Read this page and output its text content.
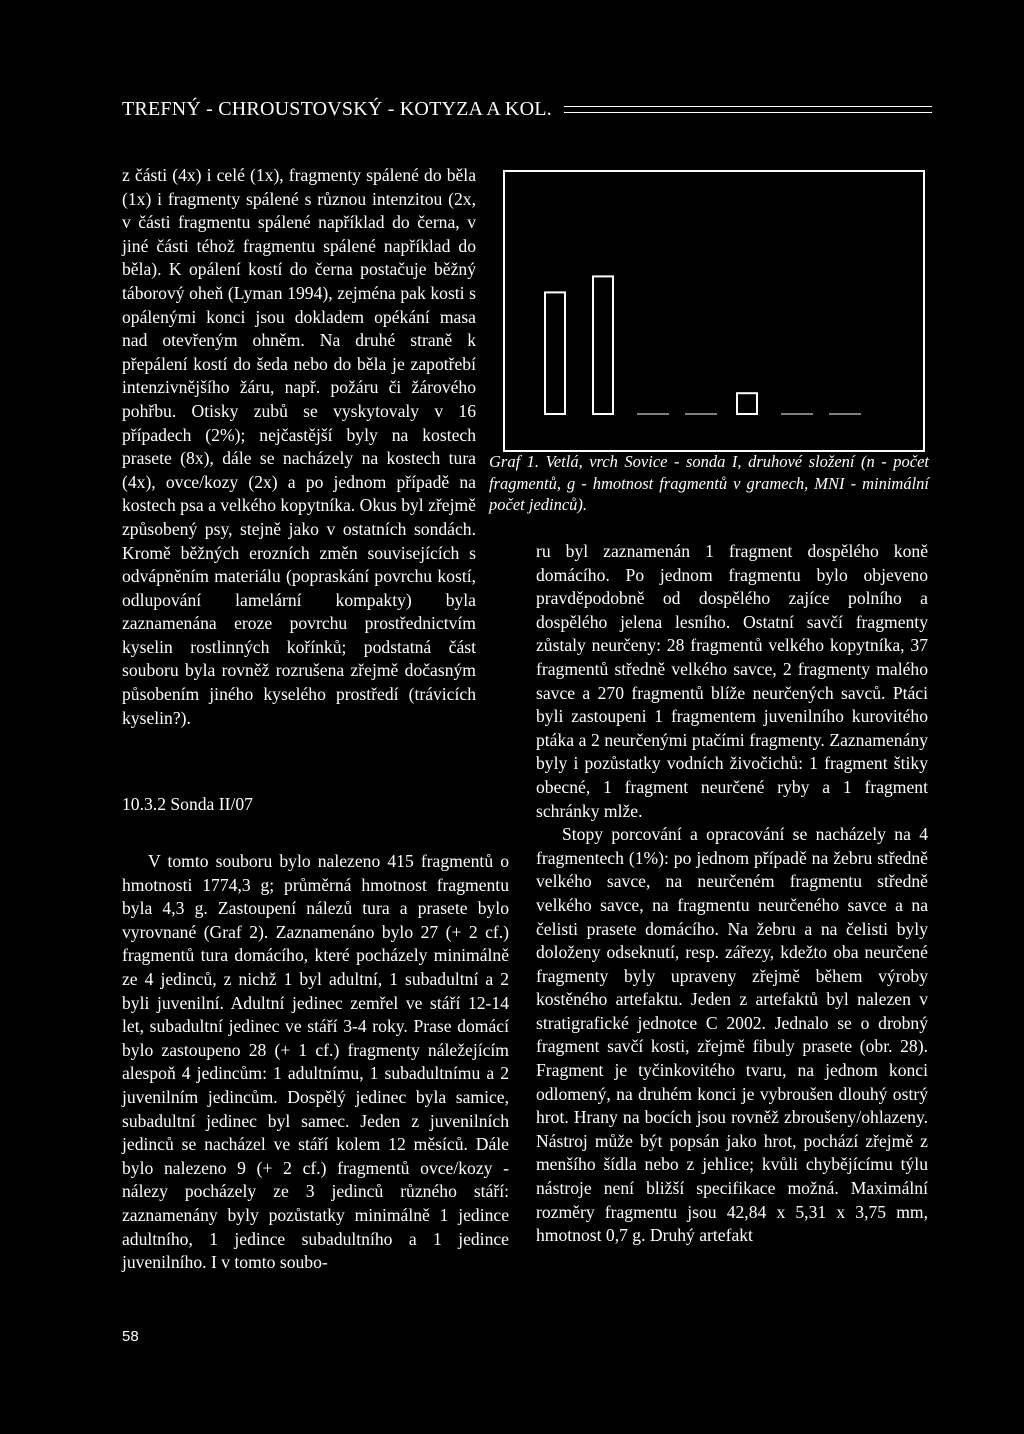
TREFNÝ - CHROUSTOVSKÝ - KOTYZA A KOL.

z části (4x) i celé (1x), fragmenty spálené do běla (1x) i fragmenty spálené s různou intenzitou (2x, v části fragmentu spálené například do černa, v jiné části téhož fragmentu spálené například do běla). K opálení kostí do černa postačuje běžný táborový oheň (Lyman 1994), zejména pak kosti s opálenými konci jsou dokladem opékání masa nad otevřeným ohněm. Na druhé straně k přepálení kostí do šeda nebo do běla je zapotřebí intenzivnějšího žáru, např. požáru či žárového pohřbu. Otisky zubů se vyskytovaly v 16 případech (2%); nejčastější byly na kostech prasete (8x), dále se nacházely na kostech tura (4x), ovce/kozy (2x) a po jednom případě na kostech psa a velkého kopytníka. Okus byl zřejmě způsobený psy, stejně jako v ostatních sondách. Kromě běžných erozních změn souvisejících s odvápněním materiálu (popraskání povrchu kostí, odlupování lamelární kompakty) byla zaznamenána eroze povrchu prostřednictvím kyselin rostlinných kořínků; podstatná část souboru byla rovněž rozrušena zřejmě dočasným působením jiného kyselého prostředí (trávicích kyselin?).

10.3.2 Sonda II/07

V tomto souboru bylo nalezeno 415 fragmentů o hmotnosti 1774,3 g; průměrná hmotnost fragmentu byla 4,3 g. Zastoupení nálezů tura a prasete bylo vyrovnané (Graf 2). Zaznamenáno bylo 27 (+ 2 cf.) fragmentů tura domácího, které pocházely minimálně ze 4 jedinců, z nichž 1 byl adultní, 1 subadultní a 2 byli juvenilní. Adultní jedinec zemřel ve stáří 12-14 let, subadultní jedinec ve stáří 3-4 roky. Prase domácí bylo zastoupeno 28 (+ 1 cf.) fragmenty náležejícím alespoň 4 jedincům: 1 adultnímu, 1 subadultnímu a 2 juvenilním jedincům. Dospělý jedinec byla samice, subadultní jedinec byl samec. Jeden z juvenilních jedinců se nacházel ve stáří kolem 12 měsíců. Dále bylo nalezeno 9 (+ 2 cf.) fragmentů ovce/kozy - nálezy pocházely ze 3 jedinců různého stáří: zaznamenány byly pozůstatky minimálně 1 jedince adultního, 1 jedince subadultního a 1 jedince juvenilního. I v tomto soubo-

Graf 1. Vetlá, vrch Sovice - sonda I, druhové složení (n - počet fragmentů, g - hmotnost fragmentů v gramech, MNI - minimální počet jedinců).

ru byl zaznamenán 1 fragment dospělého koně domácího. Po jednom fragmentu bylo objeveno pravděpodobně od dospělého zajíce polního a dospělého jelena lesního. Ostatní savčí fragmenty zůstaly neurčeny: 28 fragmentů velkého kopytníka, 37 fragmentů středně velkého savce, 2 fragmenty malého savce a 270 fragmentů blíže neurčených savců. Ptáci byli zastoupeni 1 fragmentem juvenilního kurovitého ptáka a 2 neurčenými ptačími fragmenty. Zaznamenány byly i pozůstatky vodních živočichů: 1 fragment štiky obecné, 1 fragment neurčené ryby a 1 fragment schránky mlže.

Stopy porcování a opracování se nacházely na 4 fragmentech (1%): po jednom případě na žebru středně velkého savce, na neurčeném fragmentu středně velkého savce, na fragmentu neurčeného savce a na čelisti prasete domácího. Na žebru a na čelisti byly doloženy odseknutí, resp. zářezy, kdežto oba neurčené fragmenty byly upraveny zřejmě během výroby kostěného artefaktu. Jeden z artefaktů byl nalezen v stratigrafické jednotce C 2002. Jednalo se o drobný fragment savčí kosti, zřejmě fibuly prasete (obr. 28). Fragment je tyčinkovitého tvaru, na jednom konci odlomený, na druhém konci je vybroušen dlouhý ostrý hrot. Hrany na bocích jsou rovněž zbroušeny/ohlazeny. Nástroj může být popsán jako hrot, pochází zřejmě z menšího šídla nebo z jehlice; kvůli chybějícímu týlu nástroje není bližší specifikace možná. Maximální rozměry fragmentu jsou 42,84 x 5,31 x 3,75 mm, hmotnost 0,7 g. Druhý artefakt

58
